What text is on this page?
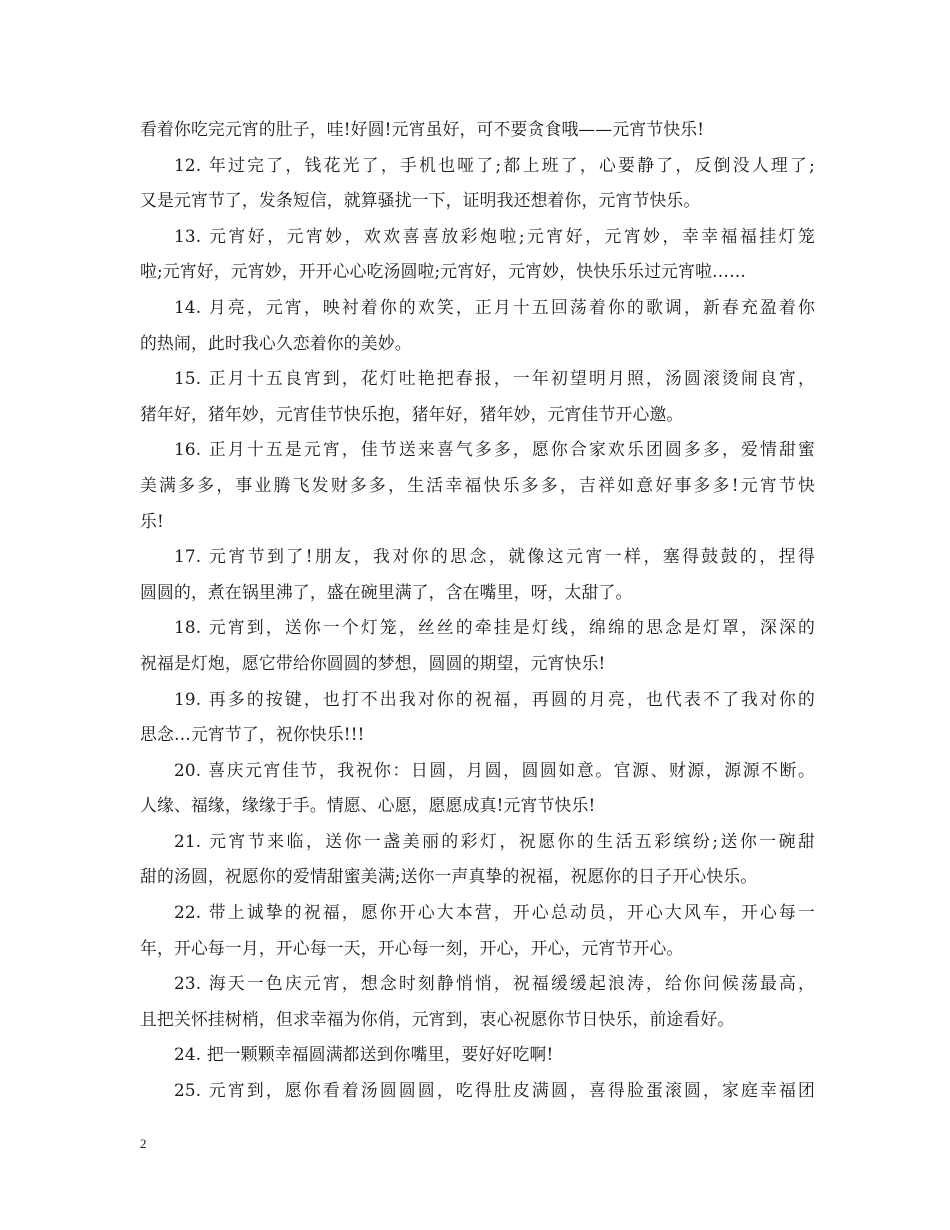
看着你吃完元宵的肚子，哇!好圆!元宵虽好，可不要贪食哦——元宵节快乐!
12. 年过完了，钱花光了，手机也哑了;都上班了，心要静了，反倒没人理了;
又是元宵节了，发条短信，就算骚扰一下，证明我还想着你，元宵节快乐。
13. 元宵好，元宵妙，欢欢喜喜放彩炮啦;元宵好，元宵妙，幸幸福福挂灯笼
啦;元宵好，元宵妙，开开心心吃汤圆啦;元宵好，元宵妙，快快乐乐过元宵啦……
14. 月亮，元宵，映衬着你的欢笑，正月十五回荡着你的歌调，新春充盈着你
的热闹，此时我心久恋着你的美妙。
15. 正月十五良宵到，花灯吐艳把春报，一年初望明月照，汤圆滚烫闹良宵，
猪年好，猪年妙，元宵佳节快乐抱，猪年好，猪年妙，元宵佳节开心邀。
16. 正月十五是元宵，佳节送来喜气多多，愿你合家欢乐团圆多多，爱情甜蜜
美满多多，事业腾飞发财多多，生活幸福快乐多多，吉祥如意好事多多!元宵节快
乐!
17. 元宵节到了!朋友，我对你的思念，就像这元宵一样，塞得鼓鼓的，捏得
圆圆的，煮在锅里沸了，盛在碗里满了，含在嘴里，呀，太甜了。
18. 元宵到，送你一个灯笼，丝丝的牵挂是灯线，绵绵的思念是灯罩，深深的
祝福是灯炮，愿它带给你圆圆的梦想，圆圆的期望，元宵快乐!
19. 再多的按键，也打不出我对你的祝福，再圆的月亮，也代表不了我对你的
思念…元宵节了，祝你快乐!!!
20. 喜庆元宵佳节，我祝你：日圆，月圆，圆圆如意。官源、财源，源源不断。
人缘、福缘，缘缘于手。情愿、心愿，愿愿成真!元宵节快乐!
21. 元宵节来临，送你一盏美丽的彩灯，祝愿你的生活五彩缤纷;送你一碗甜
甜的汤圆，祝愿你的爱情甜蜜美满;送你一声真挚的祝福，祝愿你的日子开心快乐。
22. 带上诚挚的祝福，愿你开心大本营，开心总动员，开心大风车，开心每一
年，开心每一月，开心每一天，开心每一刻，开心，开心，元宵节开心。
23. 海天一色庆元宵，想念时刻静悄悄，祝福缓缓起浪涛，给你问候荡最高，
且把关怀挂树梢，但求幸福为你俏，元宵到，衷心祝愿你节日快乐，前途看好。
24. 把一颗颗幸福圆满都送到你嘴里，要好好吃啊!
25. 元宵到，愿你看着汤圆圆圆，吃得肚皮满圆，喜得脸蛋滚圆，家庭幸福团
2
